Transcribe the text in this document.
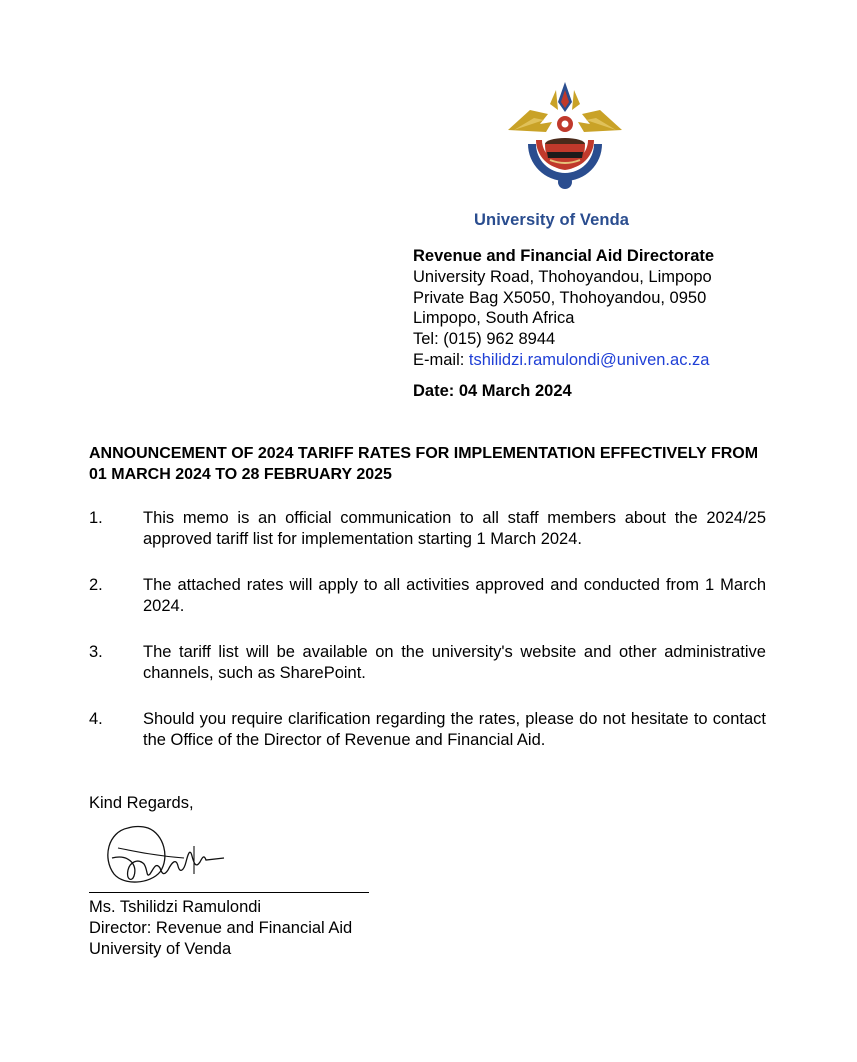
University of Venda
Revenue and Financial Aid Directorate
University Road, Thohoyandou, Limpopo
Private Bag X5050, Thohoyandou, 0950
Limpopo, South Africa
Tel: (015) 962 8944
E-mail: tshilidzi.ramulondi@univen.ac.za
Date: 04 March 2024
ANNOUNCEMENT OF 2024 TARIFF RATES FOR IMPLEMENTATION EFFECTIVELY FROM 01 MARCH 2024 TO 28 FEBRUARY 2025
1. This memo is an official communication to all staff members about the 2024/25 approved tariff list for implementation starting 1 March 2024.
2. The attached rates will apply to all activities approved and conducted from 1 March 2024.
3. The tariff list will be available on the university's website and other administrative channels, such as SharePoint.
4. Should you require clarification regarding the rates, please do not hesitate to contact the Office of the Director of Revenue and Financial Aid.
Kind Regards,
Ms. Tshilidzi Ramulondi
Director: Revenue and Financial Aid
University of Venda
